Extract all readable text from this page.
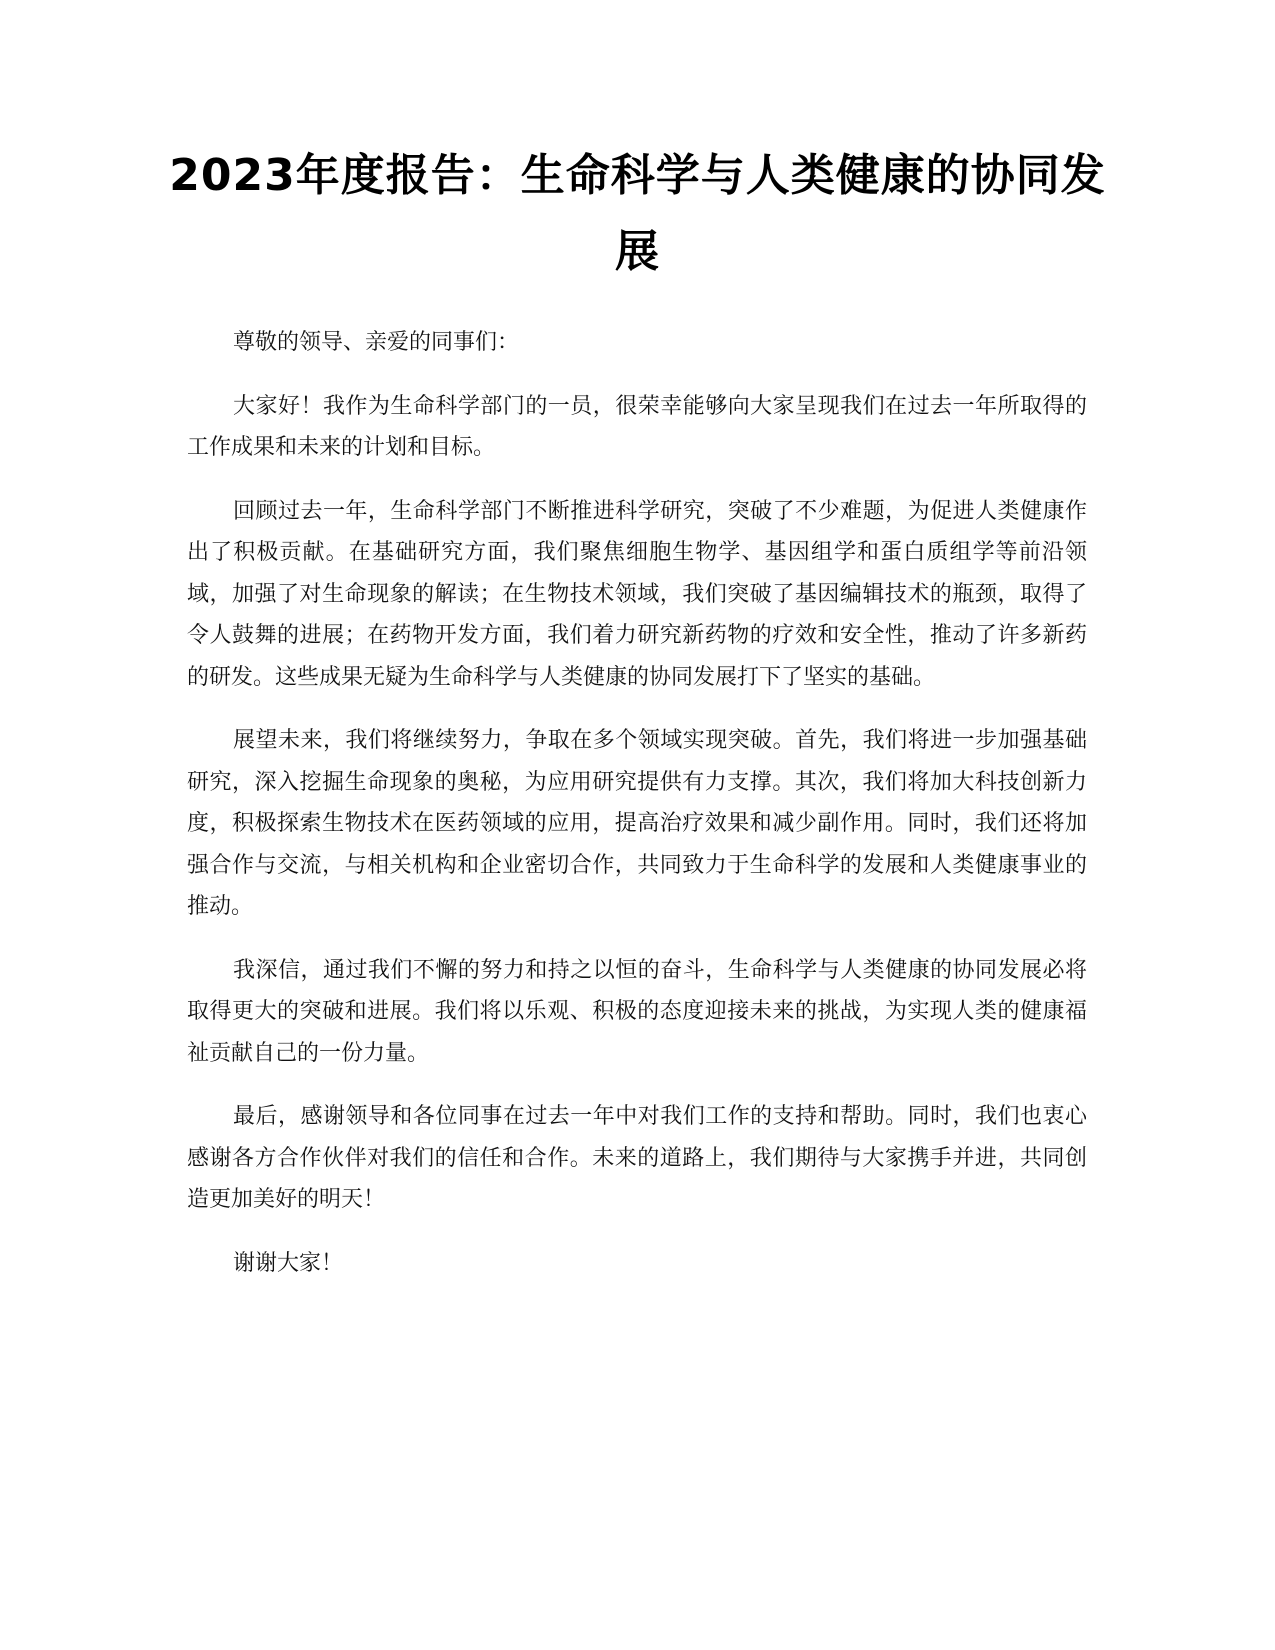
2023年度报告：生命科学与人类健康的协同发展

尊敬的领导、亲爱的同事们：

大家好！我作为生命科学部门的一员，很荣幸能够向大家呈现我们在过去一年所取得的工作成果和未来的计划和目标。

回顾过去一年，生命科学部门不断推进科学研究，突破了不少难题，为促进人类健康作出了积极贡献。在基础研究方面，我们聚焦细胞生物学、基因组学和蛋白质组学等前沿领域，加强了对生命现象的解读；在生物技术领域，我们突破了基因编辑技术的瓶颈，取得了令人鼓舞的进展；在药物开发方面，我们着力研究新药物的疗效和安全性，推动了许多新药的研发。这些成果无疑为生命科学与人类健康的协同发展打下了坚实的基础。

展望未来，我们将继续努力，争取在多个领域实现突破。首先，我们将进一步加强基础研究，深入挖掘生命现象的奥秘，为应用研究提供有力支撑。其次，我们将加大科技创新力度，积极探索生物技术在医药领域的应用，提高治疗效果和减少副作用。同时，我们还将加强合作与交流，与相关机构和企业密切合作，共同致力于生命科学的发展和人类健康事业的推动。

我深信，通过我们不懈的努力和持之以恒的奋斗，生命科学与人类健康的协同发展必将取得更大的突破和进展。我们将以乐观、积极的态度迎接未来的挑战，为实现人类的健康福祉贡献自己的一份力量。

最后，感谢领导和各位同事在过去一年中对我们工作的支持和帮助。同时，我们也衷心感谢各方合作伙伴对我们的信任和合作。未来的道路上，我们期待与大家携手并进，共同创造更加美好的明天！

谢谢大家！
